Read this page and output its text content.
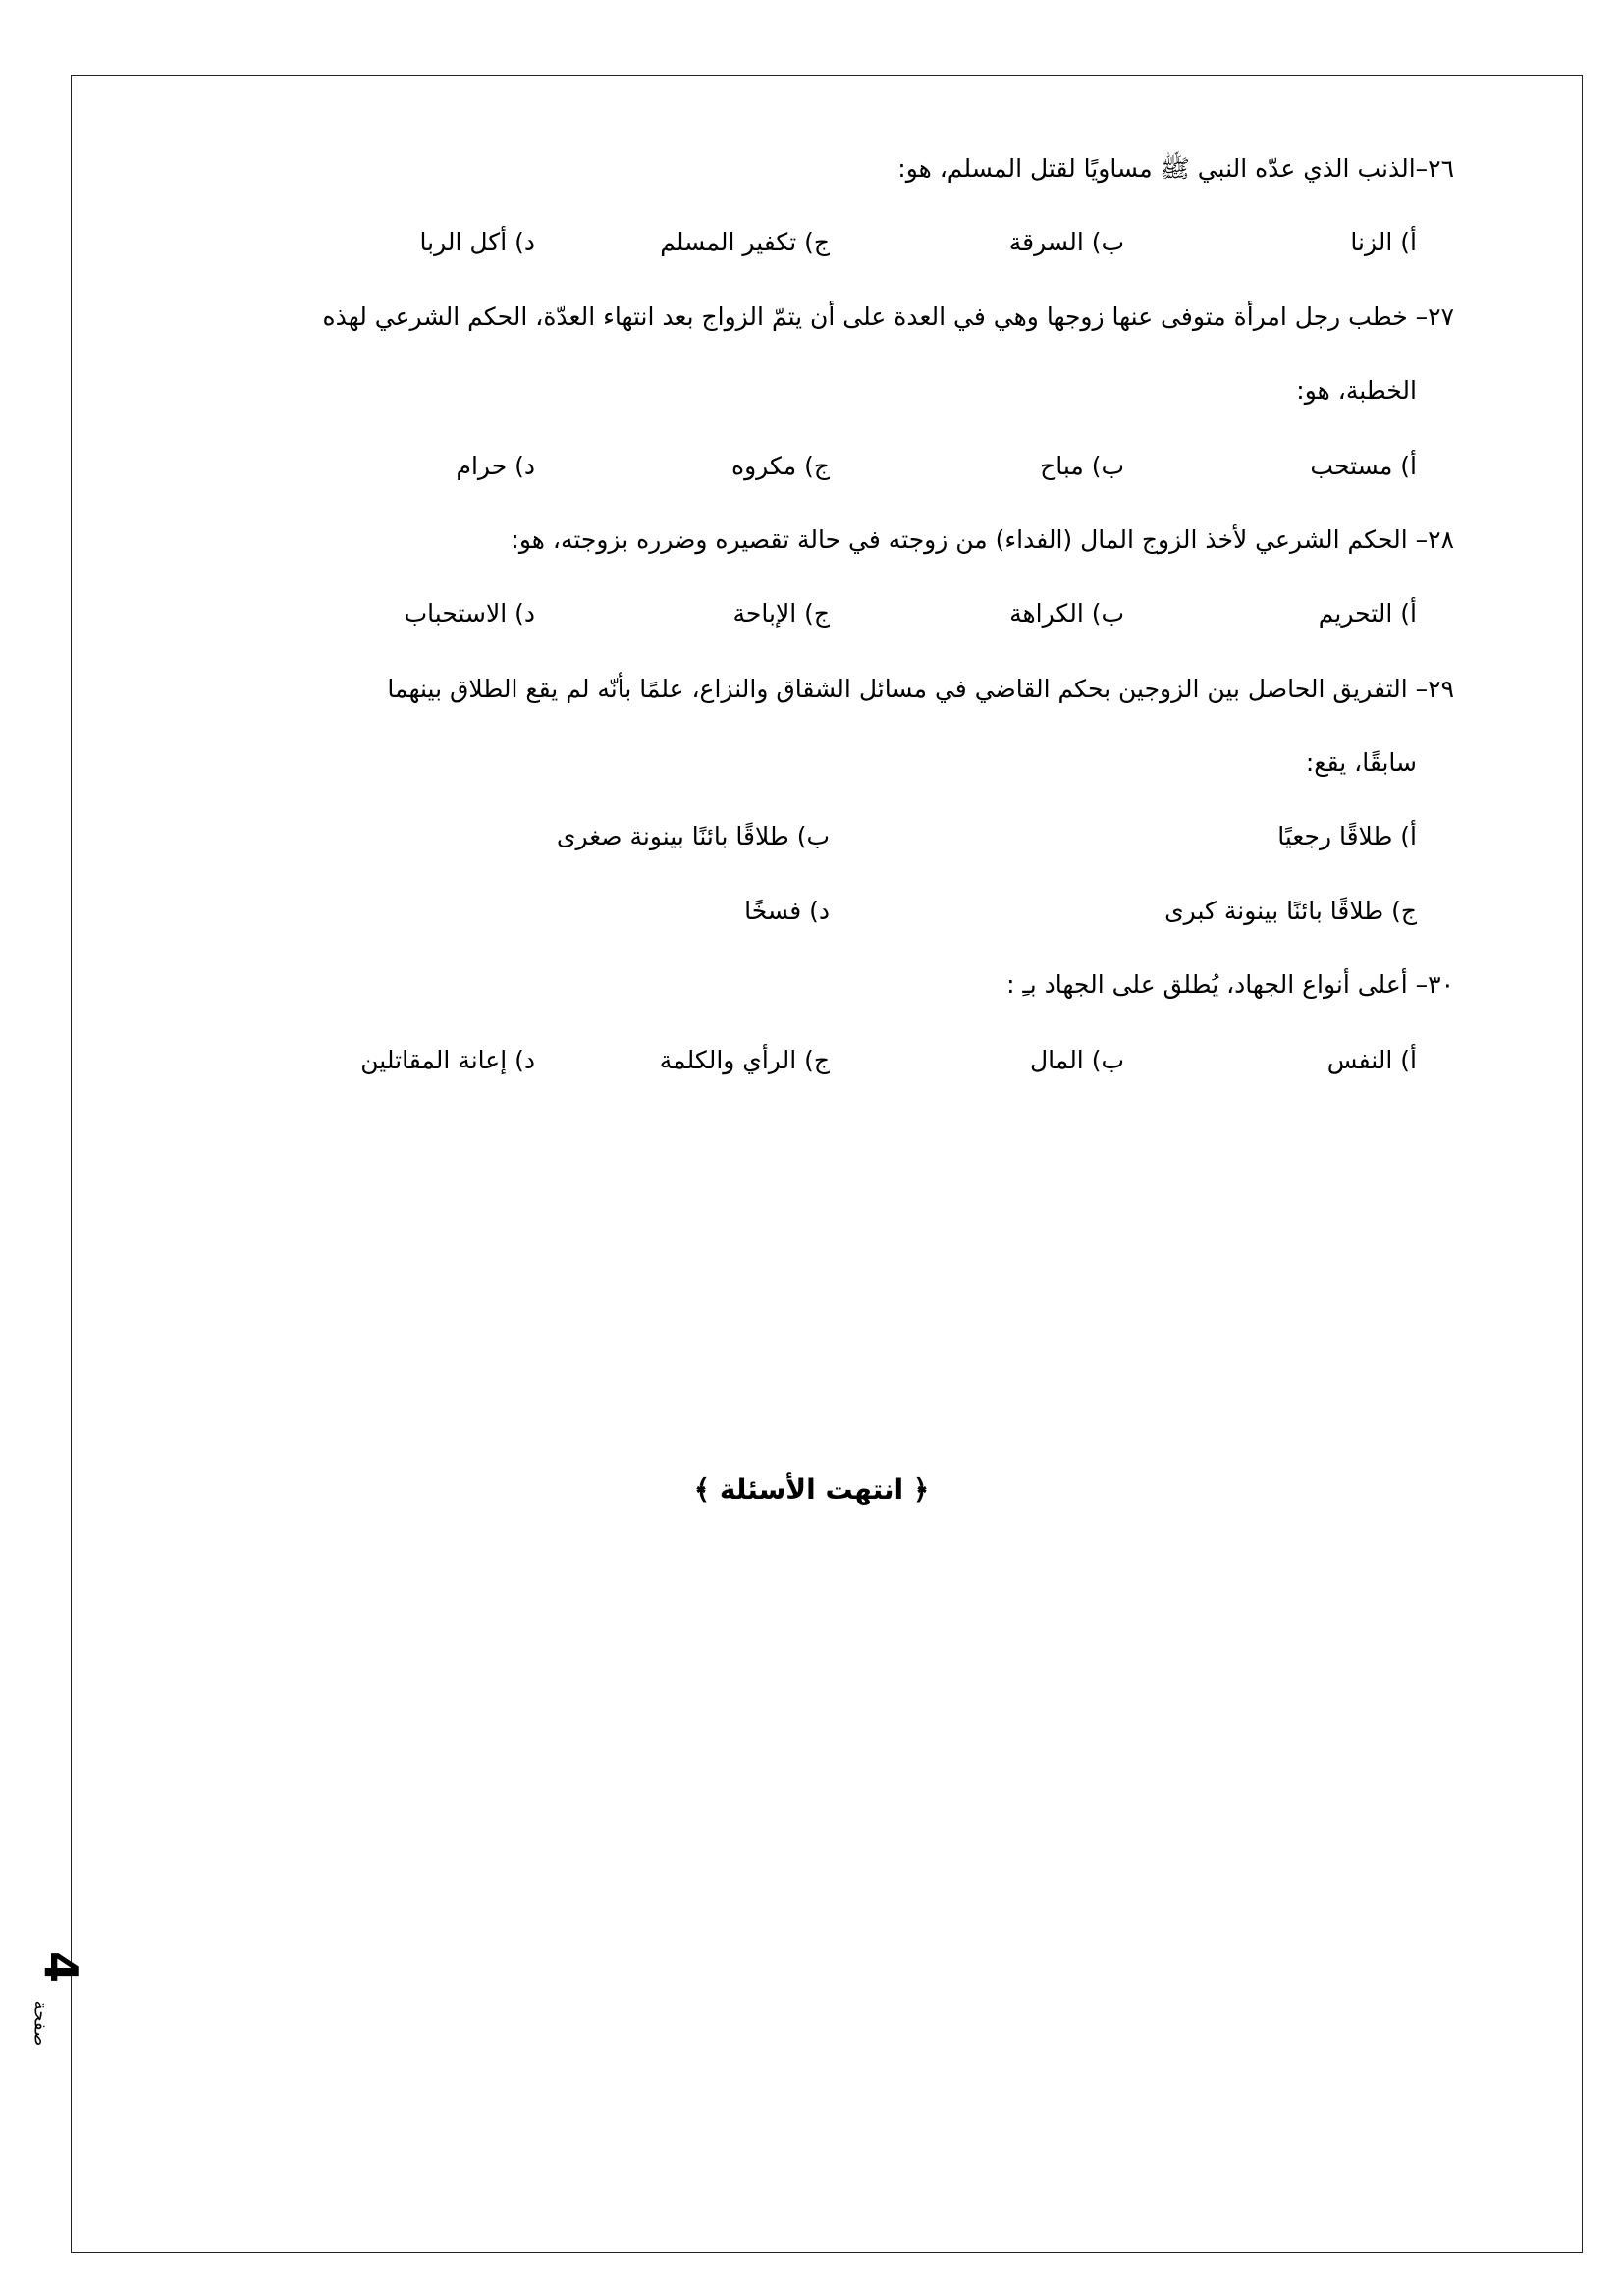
٢٦–الذنب الذي عدّه النبي ﷺ مساويًا لقتل المسلم، هو:
أ) الزنا
ب) السرقة
ج) تكفير المسلم
د) أكل الربا
٢٧– خطب رجل امرأة متوفى عنها زوجها وهي في العدة على أن يتمّ الزواج بعد انتهاء العدّة، الحكم الشرعي لهذه
الخطبة، هو:
أ) مستحب
ب) مباح
ج) مكروه
د) حرام
٢٨– الحكم الشرعي لأخذ الزوج المال (الفداء) من زوجته في حالة تقصيره وضرره بزوجته، هو:
أ) التحريم
ب) الكراهة
ج) الإباحة
د) الاستحباب
٢٩– التفريق الحاصل بين الزوجين بحكم القاضي في مسائل الشقاق والنزاع، علمًا بأنّه لم يقع الطلاق بينهما
سابقًا، يقع:
أ) طلاقًا رجعيًا
ب) طلاقًا بائنًا بينونة صغرى
ج) طلاقًا بائنًا بينونة كبرى
د) فسخًا
٣٠– أعلى أنواع الجهاد، يُطلق على الجهاد بـِ :
أ) النفس
ب) المال
ج) الرأي والكلمة
د) إعانة المقاتلين
﴿ انتهت الأسئلة ﴾
4
صفحة
